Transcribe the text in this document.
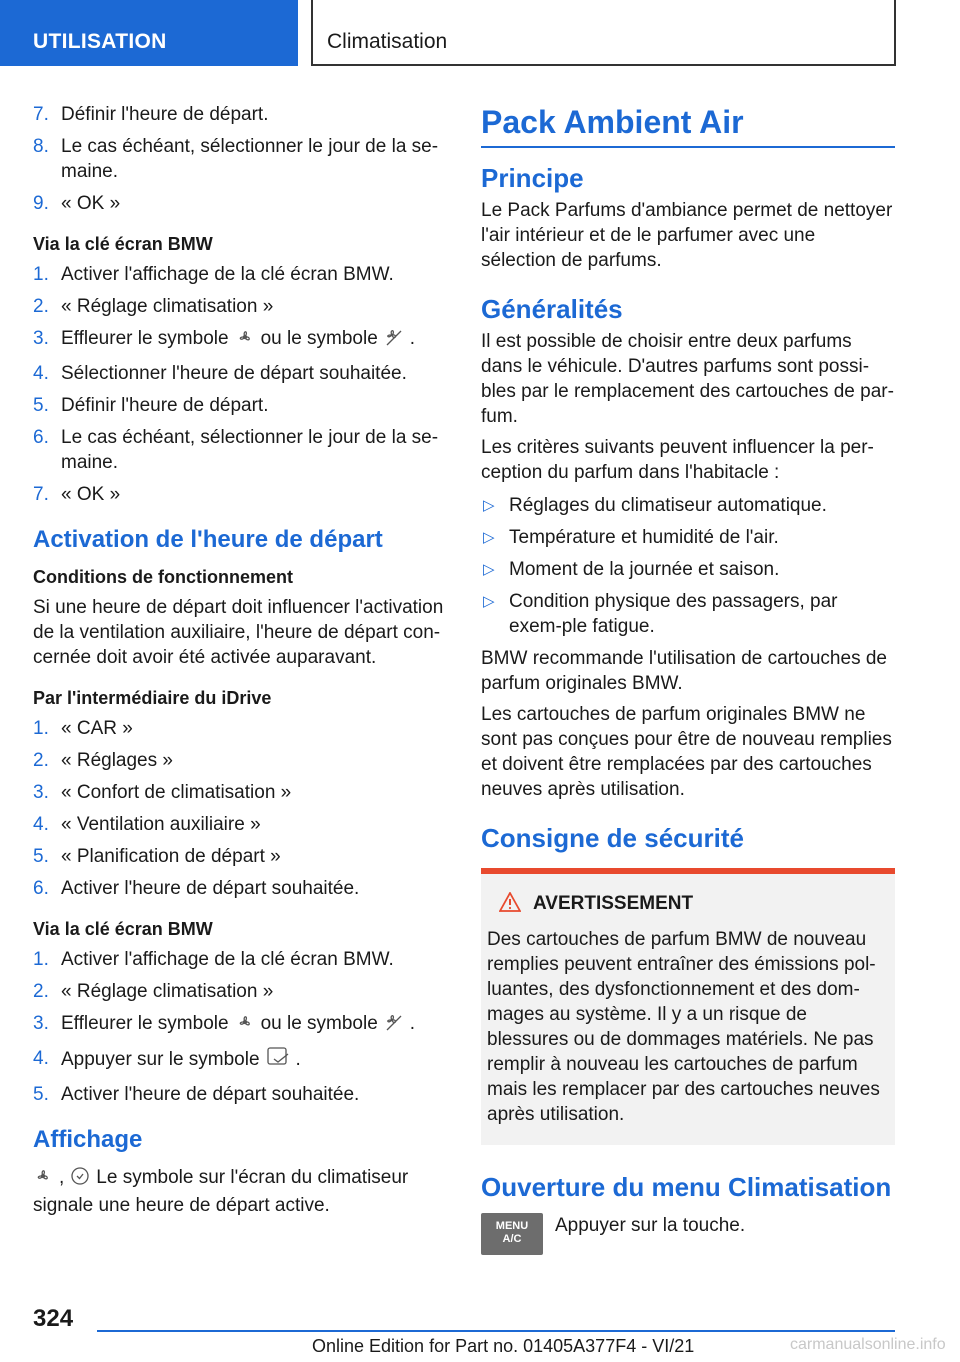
UTILISATION	Climatisation
7. Définir l'heure de départ.
8. Le cas échéant, sélectionner le jour de la se-maine.
9. « OK »
Via la clé écran BMW
1. Activer l'affichage de la clé écran BMW.
2. « Réglage climatisation »
3. Effleurer le symbole ou le symbole .
4. Sélectionner l'heure de départ souhaitée.
5. Définir l'heure de départ.
6. Le cas échéant, sélectionner le jour de la se-maine.
7. « OK »
Activation de l'heure de départ
Conditions de fonctionnement
Si une heure de départ doit influencer l'activation de la ventilation auxiliaire, l'heure de départ con-cernée doit avoir été activée auparavant.
Par l'intermédiaire du iDrive
1. « CAR »
2. « Réglages »
3. « Confort de climatisation »
4. « Ventilation auxiliaire »
5. « Planification de départ »
6. Activer l'heure de départ souhaitée.
Via la clé écran BMW
1. Activer l'affichage de la clé écran BMW.
2. « Réglage climatisation »
3. Effleurer le symbole ou le symbole .
4. Appuyer sur le symbole .
5. Activer l'heure de départ souhaitée.
Affichage
, Le symbole sur l'écran du climatiseur
signale une heure de départ active.
Pack Ambient Air
Principe
Le Pack Parfums d'ambiance permet de nettoyer l'air intérieur et de le parfumer avec une sélection de parfums.
Généralités
Il est possible de choisir entre deux parfums dans le véhicule. D'autres parfums sont possi-bles par le remplacement des cartouches de par-fum.
Les critères suivants peuvent influencer la per-ception du parfum dans l'habitacle :
▷ Réglages du climatiseur automatique.
▷ Température et humidité de l'air.
▷ Moment de la journée et saison.
▷ Condition physique des passagers, par exem-ple fatigue.
BMW recommande l'utilisation de cartouches de parfum originales BMW.
Les cartouches de parfum originales BMW ne sont pas conçues pour être de nouveau remplies et doivent être remplacées par des cartouches neuves après utilisation.
Consigne de sécurité
AVERTISSEMENT
Des cartouches de parfum BMW de nouveau remplies peuvent entraîner des émissions pol-luantes, des dysfonctionnement et des dom-mages au système. Il y a un risque de blessures ou de dommages matériels. Ne pas remplir à nouveau les cartouches de parfum mais les remplacer par des cartouches neuves après utilisation.
Ouverture du menu Climatisation
MENU
A/CAppuyer sur la touche.
324
Online Edition for Part no. 01405A377F4 - VI/21	carmanualsonline.info
